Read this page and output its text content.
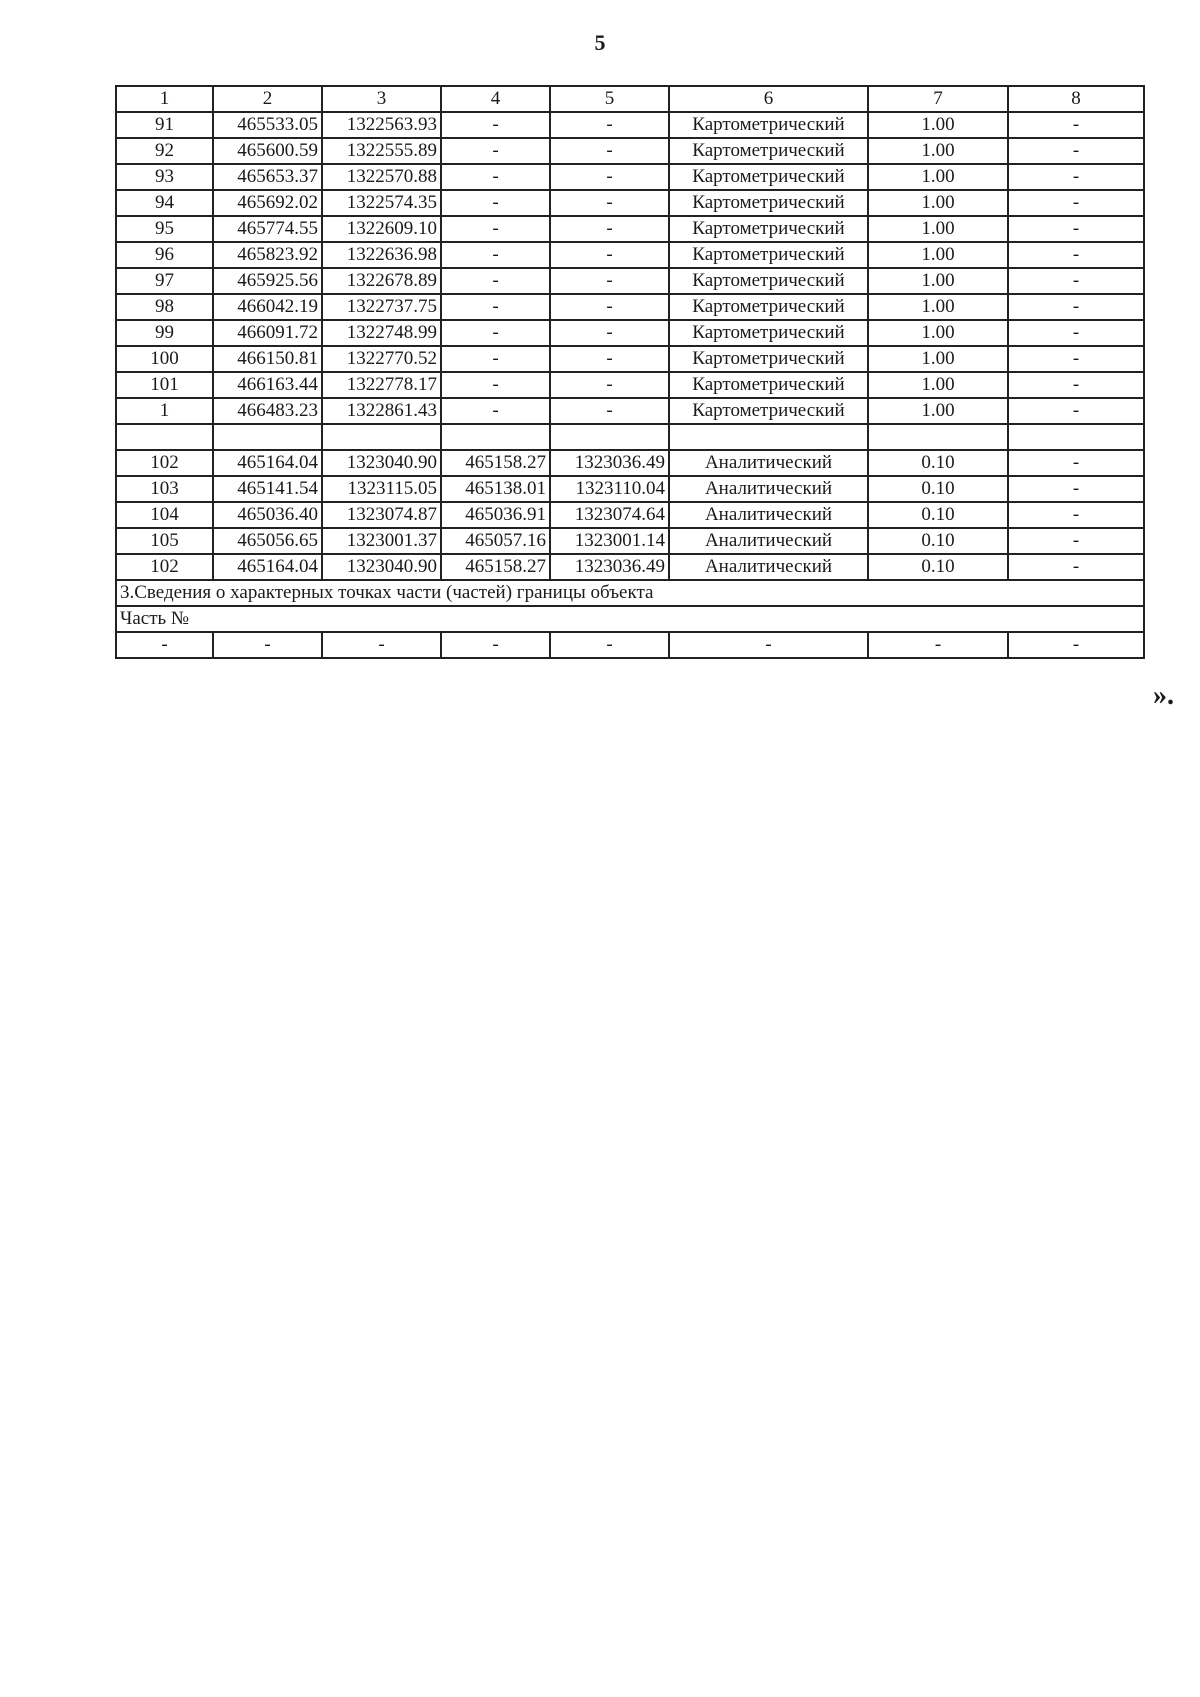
5
1	2	3	4	5	6	7	8
91	465533.05	1322563.93	-	-	Картометрический	1.00	-
92	465600.59	1322555.89	-	-	Картометрический	1.00	-
93	465653.37	1322570.88	-	-	Картометрический	1.00	-
94	465692.02	1322574.35	-	-	Картометрический	1.00	-
95	465774.55	1322609.10	-	-	Картометрический	1.00	-
96	465823.92	1322636.98	-	-	Картометрический	1.00	-
97	465925.56	1322678.89	-	-	Картометрический	1.00	-
98	466042.19	1322737.75	-	-	Картометрический	1.00	-
99	466091.72	1322748.99	-	-	Картометрический	1.00	-
100	466150.81	1322770.52	-	-	Картометрический	1.00	-
101	466163.44	1322778.17	-	-	Картометрический	1.00	-
1	466483.23	1322861.43	-	-	Картометрический	1.00	-

102	465164.04	1323040.90	465158.27	1323036.49	Аналитический	0.10	-
103	465141.54	1323115.05	465138.01	1323110.04	Аналитический	0.10	-
104	465036.40	1323074.87	465036.91	1323074.64	Аналитический	0.10	-
105	465056.65	1323001.37	465057.16	1323001.14	Аналитический	0.10	-
102	465164.04	1323040.90	465158.27	1323036.49	Аналитический	0.10	-
3.Сведения о характерных точках части (частей) границы объекта							
Часть №							
-	-	-	-	-	-	-	-
».
